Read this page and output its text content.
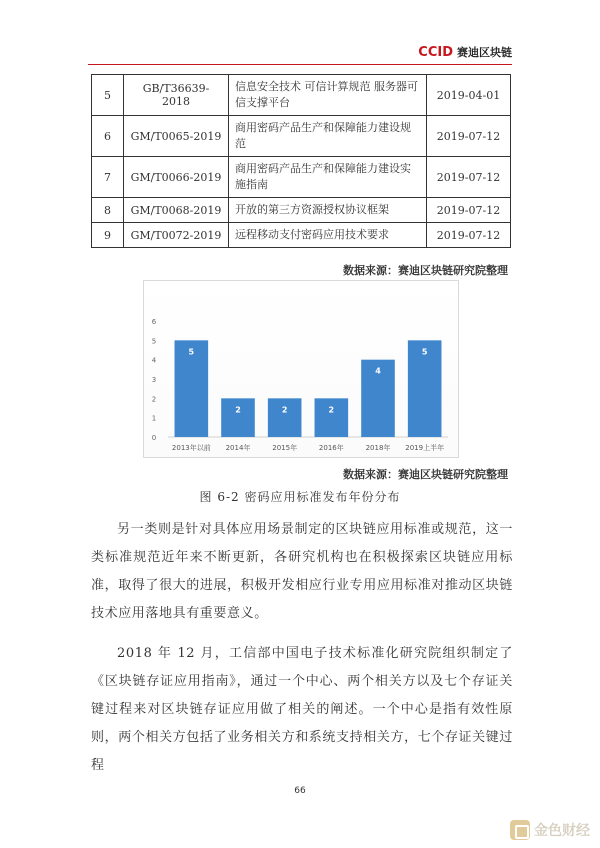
CCID 赛迪区块链
5	GB/T36639-2018	信息安全技术 可信计算规范 服务器可信支撑平台	2019-04-01
6	GM/T0065-2019	商用密码产品生产和保障能力建设规范	2019-07-12
7	GM/T0066-2019	商用密码产品生产和保障能力建设实施指南	2019-07-12
8	GM/T0068-2019	开放的第三方资源授权协议框架	2019-07-12
9	GM/T0072-2019	远程移动支付密码应用技术要求	2019-07-12
数据来源：赛迪区块链研究院整理
0
1
2
3
4
5
6
5
2013年以前
2
2014年
2
2015年
2
2016年
4
2018年
5
2019上半年
数据来源：赛迪区块链研究院整理
图 6-2 密码应用标准发布年份分布

另一类则是针对具体应用场景制定的区块链应用标准或规范，这一类标准规范近年来不断更新，各研究机构也在积极探索区块链应用标准，取得了很大的进展，积极开发相应行业专用应用标准对推动区块链技术应用落地具有重要意义。

2018 年 12 月，工信部中国电子技术标准化研究院组织制定了《区块链存证应用指南》，通过一个中心、两个相关方以及七个存证关键过程来对区块链存证应用做了相关的阐述。一个中心是指有效性原则，两个相关方包括了业务相关方和系统支持相关方，七个存证关键过程

66
金色财经
